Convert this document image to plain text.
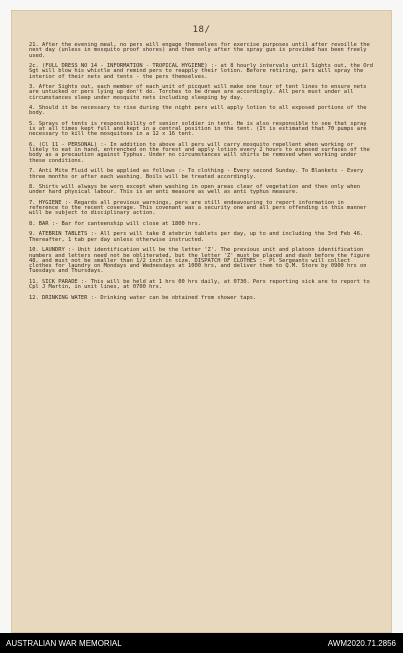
18/

21. After the evening meal, no pers will engage themselves for exercise purposes until after revoille the next day (unless in mosquito proof shores) and then only after the spray gun is provided has been freely used.

2c. (FULL DRESS NO 14 - INFORMATION - TROPICAL HYGIENE) :- at 8 hourly intervals until Sights out, the Ord Sgt will blow his whistle and remind pers to reapply their lotion. Before retiring, pers will spray the interior of their nets and tents - the pers themselves.

3. After Sights out, each member of each unit of picquet will make one tour of tent lines to ensure nets are untucked or pers lying up don't do. Torches to be drawn are accordingly. All pers must under all circumstances sleep under mosquito nets including sleeping by day.

4. Should it be necessary to rise during the night pers will apply lotion to all exposed portions of the body.

5. Sprays of tents is responsibility of senior soldier in tent. He is also responsible to see that spray is at all times kept full and kept in a central position in the tent. (It is estimated that 70 pumps are necessary to kill the mosquitoes in a 12 x 16 tent.

6. (Cl 11 - PERSONAL) :- In addition to above all pers will carry mosquito repellent when working or likely to eat in hand, entrenched on the forest and apply lotion every 2 hours to exposed surfaces of the body as a precaution against Typhus. Under no circumstances will shirts be removed when working under these conditions.

7. Anti Mite Fluid will be applied as follows :- To clothing - Every second Sunday. To Blankets - Every three months or after each washing. Boils will be treated accordingly.

8. Shirts will always be worn except when washing in open areas clear of vegetation and then only when under hard physical labour. This is an anti measure as well as anti typhus measure.

7. HYGIENE :- Regards all previous warnings, pers are still endeavouring to report information in reference to the recent coverage. This covenant was a security one and all pers offending in this manner will be subject to disciplinary action.

8. BAR :- Bar for canteenship will close at 1800 hrs.

9. ATEBRIN TABLETS :- All pers will take 8 atebrin tablets per day, up to and including the 3rd Feb 46. Thereafter, 1 tab per day unless otherwise instructed.

10. LAUNDRY :- Unit identification will be the letter 'Z'. The previous unit and platoon identification numbers and letters need not be obliterated, but the letter 'Z' must be placed and dash before the figure 48, and must not be smaller than 1/2 inch in size. DISPATCH OF CLOTHES :- Pl Sergeants will collect clothes for laundry on Mondays and Wednesdays at 1000 hrs, and deliver them to Q.M. Store by 0900 hrs on Tuesdays and Thursdays.

11. SICK PARADE :- This will be held at 1 hrs 00 hrs daily, at 0730. Pers reporting sick are to report to Cpl J Martin, in unit lines, at 0700 hrs.

12. DRINKING WATER :- Drinking water can be obtained from shower taps.

AUSTRALIAN WAR MEMORIAL	AWM2020.71.2856
